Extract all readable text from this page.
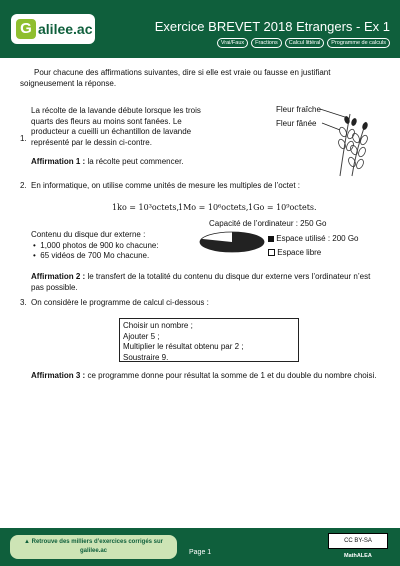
G alilee.ac	Exercice BREVET 2018 Etrangers - Ex 1
Vrai/Faux	Fractions	Calcul littéral	Programme de calculs
Pour chacune des affirmations suivantes, dire si elle est vraie ou fausse en justifiant soigneusement la réponse.
1.
La récolte de la lavande débute lorsque les trois quarts des fleurs au moins sont fanées. Le producteur a cueilli un échantillon de lavande représenté par le dessin ci-contre.
Affirmation 1 : la récolte peut commencer.
Fleur fraîche
Fleur fânée
2. En informatique, on utilise comme unités de mesure les multiples de l’octet :
1ko = 10³octets,
1Mo = 10⁶octets, 1Go = 10⁹octets.
Contenu du disque dur externe :
•  1,000 photos de 900 ko chacune:
•  65 vidéos de 700 Mo chacune.
Capacité de l’ordinateur : 250 Go
Espace utilisé : 200 Go
Espace libre
Affirmation 2 : le transfert de la totalité du contenu du disque dur externe vers l’ordinateur n’est pas possible.
3. On considère le programme de calcul ci-dessous :
Choisir un nombre ;
Ajouter 5 ;
Multiplier le résultat obtenu par 2 ;
Soustraire 9.
Affirmation 3 : ce programme donne pour résultat la somme de 1 et du double du nombre choisi.
▲ Retrouve des milliers d’exercices corrigés sur galilee.ac	Page 1
CC BY-SA
MathALEA
